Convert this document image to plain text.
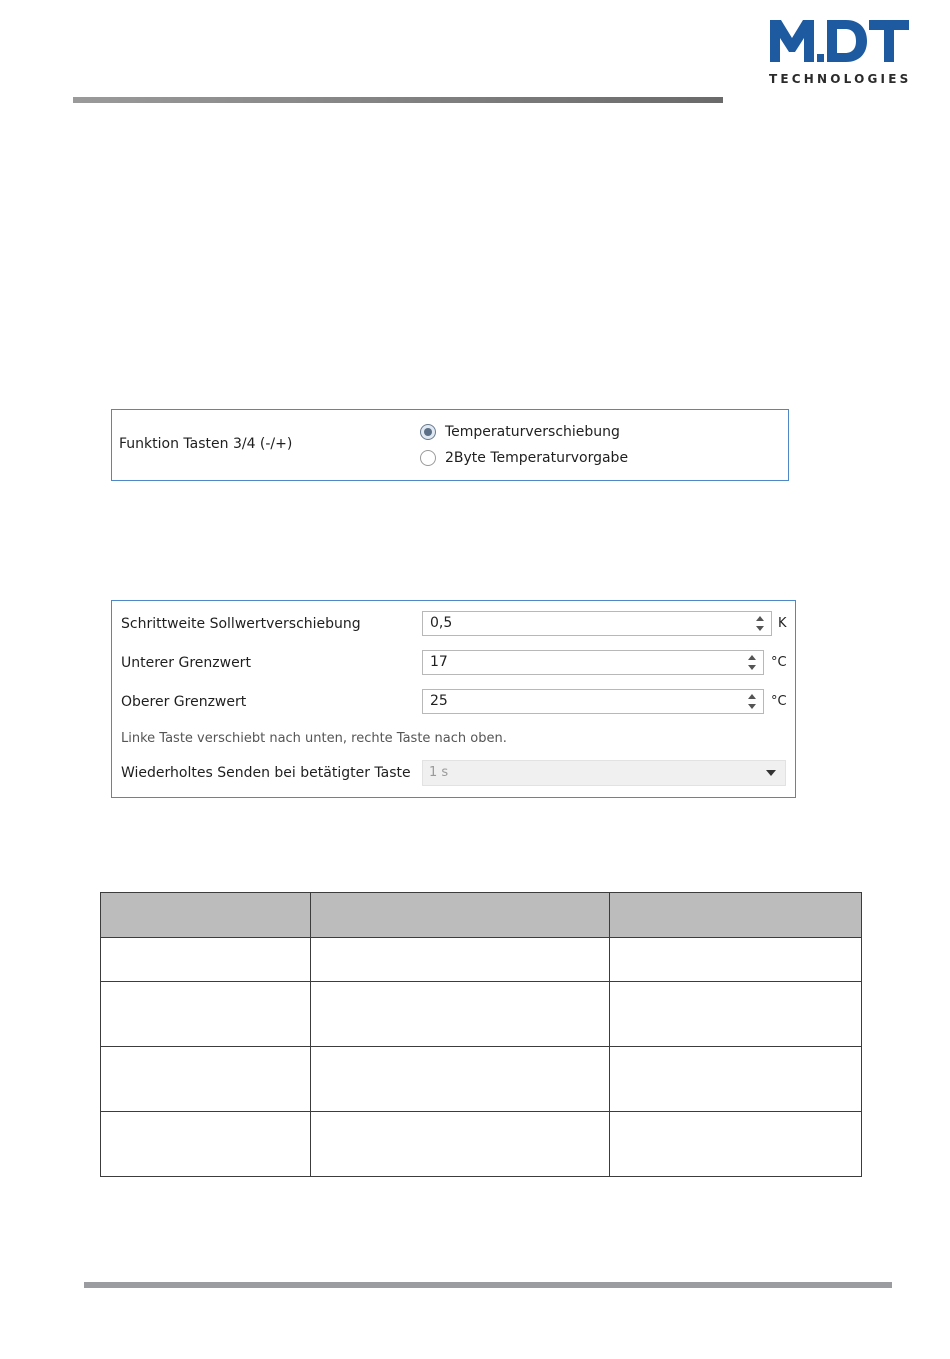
TECHNOLOGIES
Funktion Tasten 3/4 (-/+)
Temperaturverschiebung
2Byte Temperaturvorgabe
Schrittweite Sollwertverschiebung	0,5	K
Unterer Grenzwert	17	°C
Oberer Grenzwert	25	°C
Linke Taste verschiebt nach unten, rechte Taste nach oben.
Wiederholtes Senden bei betätigter Taste 1 s
